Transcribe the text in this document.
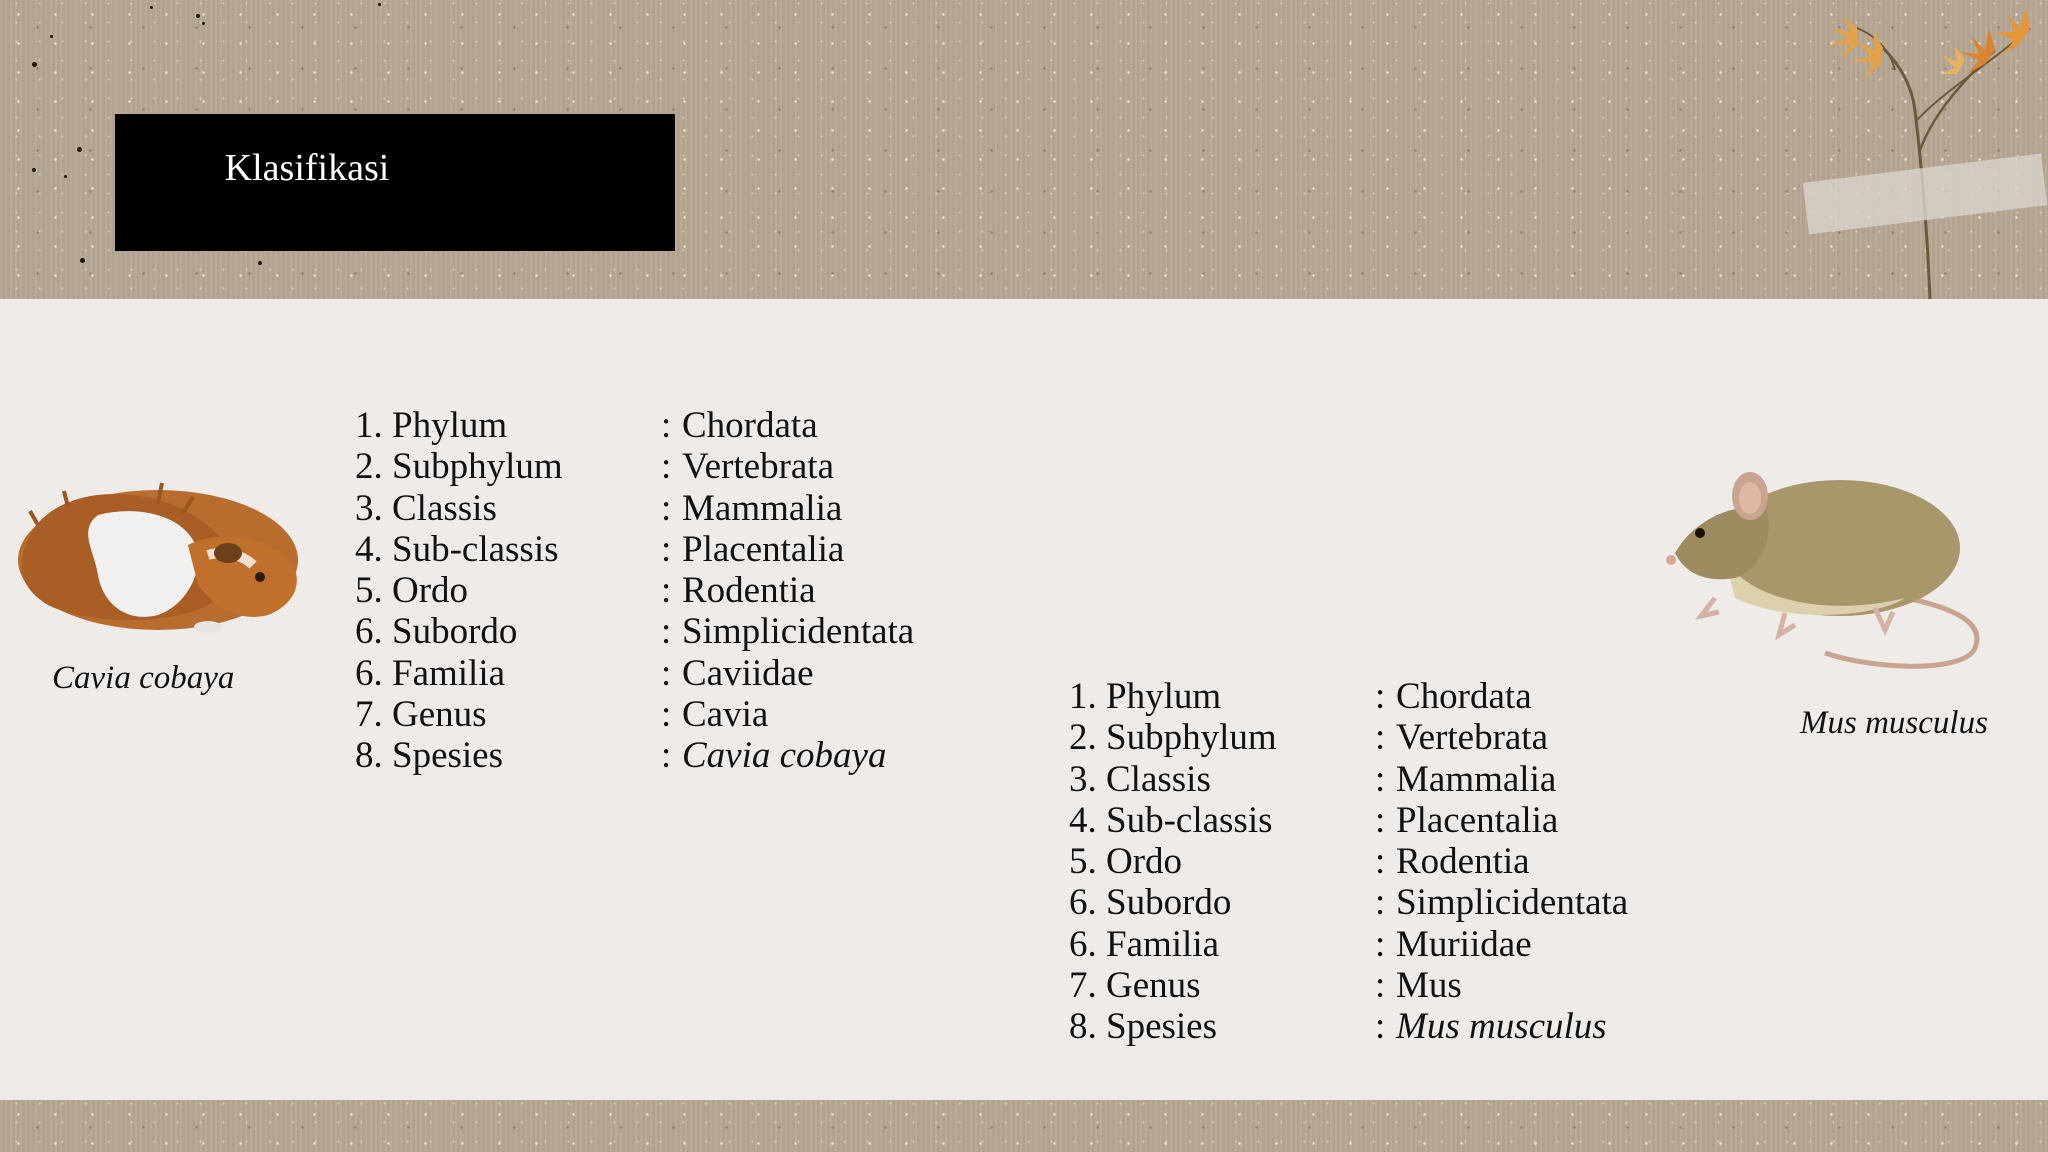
Klasifikasi
Cavia cobaya
Mus musculus
1. Phylum	: Chordata
2. Subphylum	: Vertebrata
3. Classis	: Mammalia
4. Sub-classis	: Placentalia
5. Ordo	: Rodentia
6. Subordo	: Simplicidentata
6. Familia	: Caviidae
7. Genus	: Cavia
8. Spesies	: Cavia cobaya
1. Phylum	: Chordata
2. Subphylum	: Vertebrata
3. Classis	: Mammalia
4. Sub-classis	: Placentalia
5. Ordo	: Rodentia
6. Subordo	: Simplicidentata
6. Familia	: Muriidae
7. Genus	: Mus
8. Spesies	: Mus musculus
